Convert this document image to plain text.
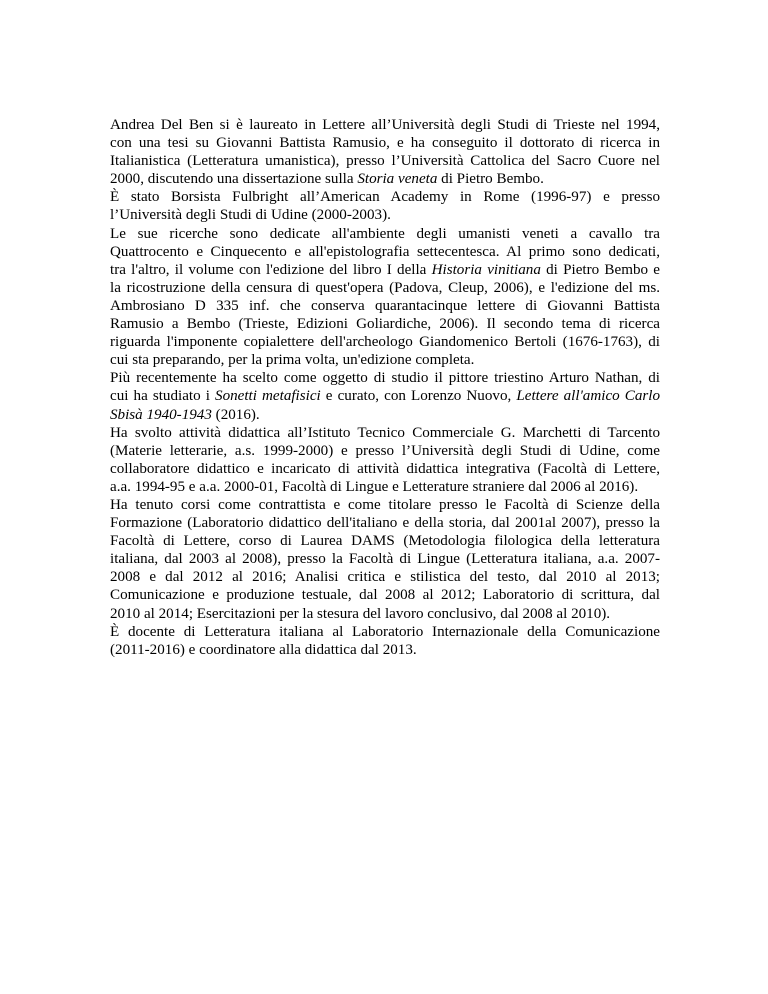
Andrea Del Ben si è laureato in Lettere all’Università degli Studi di Trieste nel 1994,
con una tesi su Giovanni Battista Ramusio, e ha conseguito il dottorato di ricerca in
Italianistica (Letteratura umanistica), presso l’Università Cattolica del Sacro Cuore nel
2000, discutendo una dissertazione sulla Storia veneta di Pietro Bembo.

È stato Borsista Fulbright all’American Academy in Rome (1996-97) e presso
l’Università degli Studi di Udine (2000-2003).

Le sue ricerche sono dedicate all'ambiente degli umanisti veneti a cavallo tra
Quattrocento e Cinquecento e all'epistolografia settecentesca. Al primo sono dedicati,
tra l'altro, il volume con l'edizione del libro I della Historia vinitiana di Pietro Bembo e
la ricostruzione della censura di quest'opera (Padova, Cleup, 2006), e l'edizione del ms.
Ambrosiano D 335 inf. che conserva quarantacinque lettere di Giovanni Battista
Ramusio a Bembo (Trieste, Edizioni Goliardiche, 2006). Il secondo tema di ricerca
riguarda l'imponente copialettere dell'archeologo Giandomenico Bertoli (1676-1763), di
cui sta preparando, per la prima volta, un'edizione completa.

Più recentemente ha scelto come oggetto di studio il pittore triestino Arturo Nathan, di
cui ha studiato i Sonetti metafisici e curato, con Lorenzo Nuovo, Lettere all'amico Carlo
Sbisà 1940-1943 (2016).

Ha svolto attività didattica all’Istituto Tecnico Commerciale G. Marchetti di Tarcento
(Materie letterarie, a.s. 1999-2000) e presso l’Università degli Studi di Udine, come
collaboratore didattico e incaricato di attività didattica integrativa (Facoltà di Lettere,
a.a. 1994-95 e a.a. 2000-01, Facoltà di Lingue e Letterature straniere dal 2006 al 2016).

Ha tenuto corsi come contrattista e come titolare presso le Facoltà di Scienze della
Formazione (Laboratorio didattico dell'italiano e della storia, dal 2001al 2007), presso la
Facoltà di Lettere, corso di Laurea DAMS (Metodologia filologica della letteratura
italiana, dal 2003 al 2008), presso la Facoltà di Lingue (Letteratura italiana, a.a. 2007-
2008 e dal 2012 al 2016; Analisi critica e stilistica del testo, dal 2010 al 2013;
Comunicazione e produzione testuale, dal 2008 al 2012; Laboratorio di scrittura, dal
2010 al 2014; Esercitazioni per la stesura del lavoro conclusivo, dal 2008 al 2010).

È docente di Letteratura italiana al Laboratorio Internazionale della Comunicazione
(2011-2016) e coordinatore alla didattica dal 2013.
